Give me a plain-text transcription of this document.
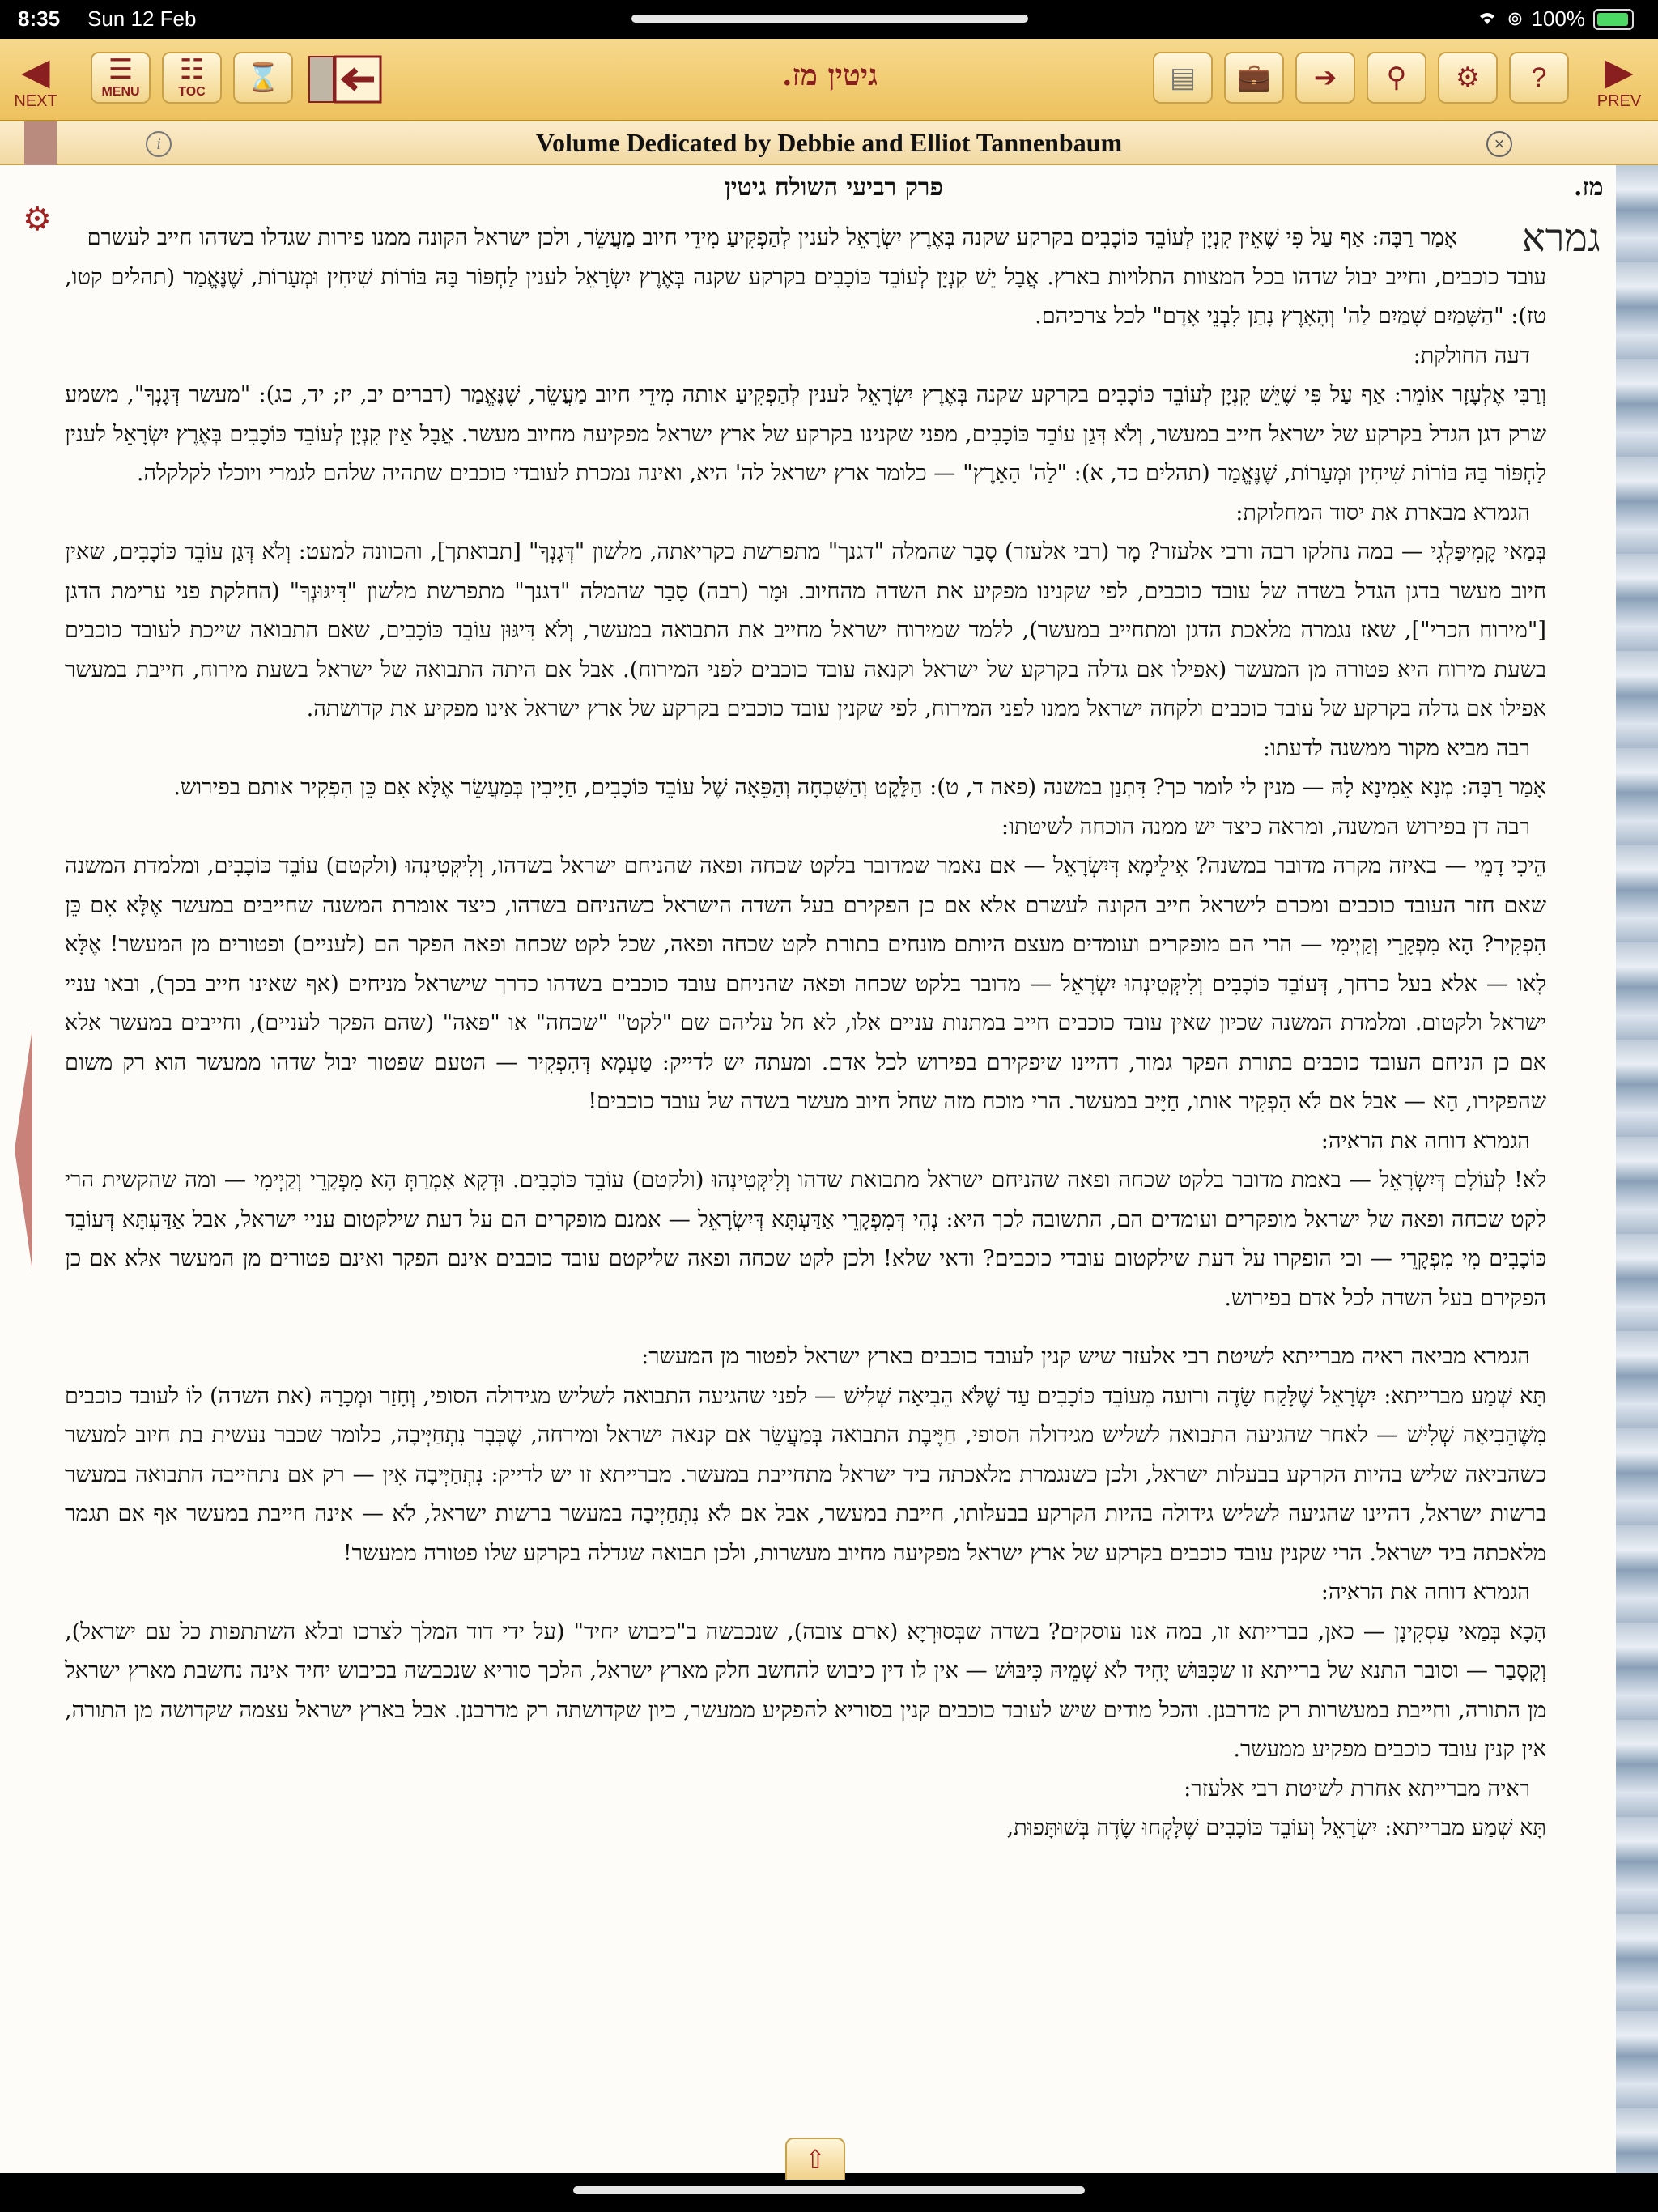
8:35 Sun 12 Feb	⊚ 100%
◀
NEXT
☰
MENU
☷
TOC	⌛	גיטין מז.	▤	💼	➔	⚲	⚙	?	▶
PREV
i	Volume Dedicated by Debbie and Elliot Tannenbaum	×
⚙
מז.
פרק רביעי השולח גיטין
גמרא

אָמַר רַבָּה: אַף עַל פִּי שֶׁאֵין קִנְיָן לְעוֹבֵד כּוֹכָבִים בקרקע שקנה בְּאֶרֶץ יִשְׂרָאֵל לענין לְהַפְקִיעַ מִידֵי חיוב מַעֲשֵׂר, ולכן ישראל הקונה ממנו פירות שגדלו בשדהו חייב לעשרם

עובד כוכבים, וחייב יבול שדהו בכל המצוות התלויות בארץ. אֲבָל יֵשׁ קִנְיָן לְעוֹבֵד כּוֹכָבִים בקרקע שקנה בְּאֶרֶץ יִשְׂרָאֵל לענין לַחְפּוֹר בָּהּ בּוֹרוֹת שִׁיחִין וּמְעָרוֹת, שֶׁנֶּאֱמַר (תהלים קטו, טז): "הַשָּׁמַיִם שָׁמַיִם לַה' וְהָאָרֶץ נָתַן לִבְנֵי אָדָם" לכל צרכיהם.

דעה החולקת:

וְרַבִּי אֶלְעָזָר אוֹמֵר: אַף עַל פִּי שֶׁיֵּשׁ קִנְיָן לְעוֹבֵד כּוֹכָבִים בקרקע שקנה בְּאֶרֶץ יִשְׂרָאֵל לענין לְהַפְקִיעַ אותה מִידֵי חיוב מַעֲשֵׂר, שֶׁנֶּאֱמַר (דברים יב, יז; יד, כג): "מעשר דְּגָנְךָ", משמע שרק דגן הגדל בקרקע של ישראל חייב במעשר, וְלֹא דְּגַן עוֹבֵד כּוֹכָבִים, מפני שקנינו בקרקע של ארץ ישראל מפקיעה מחיוב מעשר. אֲבָל אֵין קִנְיָן לְעוֹבֵד כּוֹכָבִים בְּאֶרֶץ יִשְׂרָאֵל לענין לַחְפּוֹר בָּהּ בּוֹרוֹת שִׁיחִין וּמְעָרוֹת, שֶׁנֶּאֱמַר (תהלים כד, א): "לַה' הָאָרֶץ" — כלומר ארץ ישראל לה' היא, ואינה נמכרת לעובדי כוכבים שתהיה שלהם לגמרי ויוכלו לקלקלה.

הגמרא מבארת את יסוד המחלוקת:

בְּמַאי קָמִיפַּלְגִי — במה נחלקו רבה ורבי אלעזר? מָר (רבי אלעזר) סָבַר שהמלה "דגנך" מתפרשת כקריאתה, מלשון "דְּגָנְךָ" [תבואתך], והכוונה למעט: וְלֹא דְּגַן עוֹבֵד כּוֹכָבִים, שאין חיוב מעשר בדגן הגדל בשדה של עובד כוכבים, לפי שקנינו מפקיע את השדה מהחיוב. וּמָר (רבה) סָבַר שהמלה "דגנך" מתפרשת מלשון "דִּיגּוּנְךָ" (החלקת פני ערימת הדגן ["מירוח הכרי"], שאז נגמרה מלאכת הדגן ומתחייב במעשר), ללמד שמירוח ישראל מחייב את התבואה במעשר, וְלֹא דִּיגּוּן עוֹבֵד כּוֹכָבִים, שאם התבואה שייכת לעובד כוכבים בשעת מירוח היא פטורה מן המעשר (אפילו אם גדלה בקרקע של ישראל וקנאה עובד כוכבים לפני המירוח). אבל אם היתה התבואה של ישראל בשעת מירוח, חייבת במעשר אפילו אם גדלה בקרקע של עובד כוכבים ולקחה ישראל ממנו לפני המירוח, לפי שקנין עובד כוכבים בקרקע של ארץ ישראל אינו מפקיע את קדושתה.

רבה מביא מקור ממשנה לדעתו:

אָמַר רַבָּה: מְנָא אֵמִינָא לָהּ — מנין לי לומר כך? דִּתְנַן במשנה (פאה ד, ט): הַלֶּקֶט וְהַשִּׁכְחָה וְהַפֵּאָה שֶׁל עוֹבֵד כּוֹכָבִים, חַיָּיבִין בְּמַעֲשֵׂר אֶלָּא אִם כֵּן הִפְקִיר אותם בפירוש.

רבה דן בפירוש המשנה, ומראה כיצד יש ממנה הוכחה לשיטתו:

הֵיכִי דָמֵי — באיזה מקרה מדובר במשנה? אִילֵימָא דְּיִשְׂרָאֵל — אם נאמר שמדובר בלקט שכחה ופאה שהניחם ישראל בשדהו, וְלִיקְּטִינְהוּ (ולקטם) עוֹבֵד כּוֹכָבִים, ומלמדת המשנה שאם חזר העובד כוכבים ומכרם לישראל חייב הקונה לעשרם אלא אם כן הפקירם בעל השדה הישראל כשהניחם בשדהו, כיצד אומרת המשנה שחייבים במעשר אֶלָּא אִם כֵּן הִפְקִיר? הָא מִפְקָרֵי וְקַיְימִי — הרי הם מופקרים ועומדים מעצם היותם מונחים בתורת לקט שכחה ופאה, שכל לקט שכחה ופאה הפקר הם (לעניים) ופטורים מן המעשר! אֶלָּא לָאו — אלא בעל כרחך, דְּעוֹבֵד כּוֹכָבִים וְלִיקְּטִינְהוּ יִשְׂרָאֵל — מדובר בלקט שכחה ופאה שהניחם עובד כוכבים בשדהו כדרך שישראל מניחים (אף שאינו חייב בכך), ובאו עניי ישראל ולקטום. ומלמדת המשנה שכיון שאין עובד כוכבים חייב במתנות עניים אלו, לא חל עליהם שם "לקט" "שכחה" או "פאה" (שהם הפקר לעניים), וחייבים במעשר אלא אם כן הניחם העובד כוכבים בתורת הפקר גמור, דהיינו שיפקירם בפירוש לכל אדם. ומעתה יש לדייק: טַעְמָא דְּהִפְקִיר — הטעם שפטור יבול שדהו ממעשר הוא רק משום שהפקירו, הָא — אבל אם לֹא הִפְקִיר אותו, חַיָּיב במעשר. הרי מוכח מזה שחל חיוב מעשר בשדה של עובד כוכבים!

הגמרא דוחה את הראיה:

לֹא! לְעוֹלָם דְּיִשְׂרָאֵל — באמת מדובר בלקט שכחה ופאה שהניחם ישראל מתבואת שדהו וְלִיקְּטִינְהוּ (ולקטם) עוֹבֵד כּוֹכָבִים. וּדְקָא אָמְרַתְּ הָא מִפְקָרֵי וְקַיְימִי — ומה שהקשית הרי לקט שכחה ופאה של ישראל מופקרים ועומדים הם, התשובה לכך היא: נְהִי דְּמִפְקָרֵי אַדַּעְתָּא דְּיִשְׂרָאֵל — אמנם מופקרים הם על דעת שילקטום עניי ישראל, אבל אַדַּעְתָּא דְּעוֹבֵד כּוֹכָבִים מִי מִפְקָרֵי — וכי הופקרו על דעת שילקטום עובדי כוכבים? ודאי שלא! ולכן לקט שכחה ופאה שליקטם עובד כוכבים אינם הפקר ואינם פטורים מן המעשר אלא אם כן הפקירם בעל השדה לכל אדם בפירוש.

הגמרא מביאה ראיה מברייתא לשיטת רבי אלעזר שיש קנין לעובד כוכבים בארץ ישראל לפטור מן המעשר:

תָּא שְׁמַע מברייתא: יִשְׂרָאֵל שֶׁלָּקַח שָׂדֶה ורועה מֵעוֹבֵד כּוֹכָבִים עַד שֶׁלֹּא הֵבִיאָה שְׁלִישׁ — לפני שהגיעה התבואה לשליש מגידולה הסופי, וְחָזַר וּמְכָרָהּ (את השדה) לוֹ לעובד כוכבים מִשֶּׁהֵבִיאָה שְׁלִישׁ — לאחר שהגיעה התבואה לשליש מגידולה הסופי, חַיֶּיבֶת התבואה בְּמַעֲשֵׂר אם קנאה ישראל ומירחה, שֶׁכְּבָר נִתְחַיְּיבָה, כלומר שכבר נעשית בת חיוב למעשר כשהביאה שליש בהיות הקרקע בבעלות ישראל, ולכן כשנגמרת מלאכתה ביד ישראל מתחייבת במעשר. מברייתא זו יש לדייק: נִתְחַיְּיבָה אִין — רק אם נתחייבה התבואה במעשר ברשות ישראל, דהיינו שהגיעה לשליש גידולה בהיות הקרקע בבעלותו, חייבת במעשר, אבל אם לֹא נִתְחַיְּיבָה במעשר ברשות ישראל, לֹא — אינה חייבת במעשר אף אם תגמר מלאכתה ביד ישראל. הרי שקנין עובד כוכבים בקרקע של ארץ ישראל מפקיעה מחיוב מעשרות, ולכן תבואה שגדלה בקרקע שלו פטורה ממעשר!

הגמרא דוחה את הראיה:

הָכָא בְּמַאי עָסְקִינָן — כאן, בברייתא זו, במה אנו עוסקים? בשדה שבְּסוּרְיָא (ארם צובה), שנכבשה ב"כיבוש יחיד" (על ידי דוד המלך לצרכו ובלא השתתפות כל עם ישראל), וְקָסָבַר — וסובר התנא של ברייתא זו שכִּבּוּשׁ יָחִיד לֹא שְׁמֵיהּ כִּיבּוּשׁ — אין לו דין כיבוש להחשב חלק מארץ ישראל, הלכך סוריא שנכבשה בכיבוש יחיד אינה נחשבת מארץ ישראל מן התורה, וחייבת במעשרות רק מדרבנן. והכל מודים שיש לעובד כוכבים קנין בסוריא להפקיע ממעשר, כיון שקדושתה רק מדרבנן. אבל בארץ ישראל עצמה שקדושה מן התורה, אין קנין עובד כוכבים מפקיע ממעשר.

ראיה מברייתא אחרת לשיטת רבי אלעזר:

תָּא שְׁמַע מברייתא: יִשְׂרָאֵל וְעוֹבֵד כּוֹכָבִים שֶׁלָּקְחוּ שָׂדֶה בְּשׁוּתָּפוּת,

⇧
